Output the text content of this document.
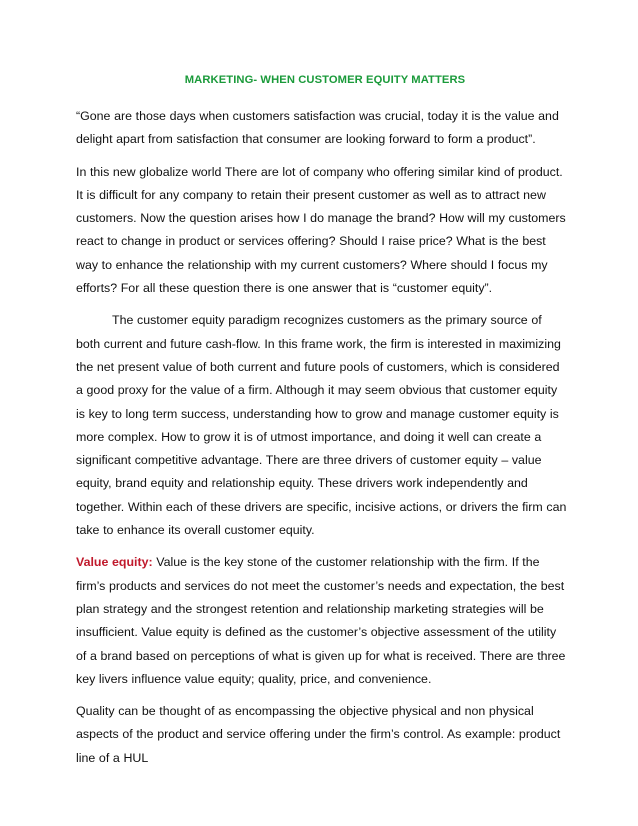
MARKETING- WHEN CUSTOMER EQUITY MATTERS

“Gone are those days when customers satisfaction was crucial, today it is the value and delight apart from satisfaction that consumer are looking forward to form a product”.

In this new globalize world There are lot of company who offering similar kind of product. It is difficult for any company to retain their present customer as well as to attract new customers. Now the question arises how I do manage the brand? How will my customers react to change in product or services offering? Should I raise price? What is the best way to enhance the relationship with my current customers? Where should I focus my efforts? For all these question there is one answer that is “customer equity”.

The customer equity paradigm recognizes customers as the primary source of both current and future cash-flow. In this frame work, the firm is interested in maximizing the net present value of both current and future pools of customers, which is considered a good proxy for the value of a firm. Although it may seem obvious that customer equity is key to long term success, understanding how to grow and manage customer equity is more complex. How to grow it is of utmost importance, and doing it well can create a significant competitive advantage. There are three drivers of customer equity – value equity, brand equity and relationship equity. These drivers work independently and together. Within each of these drivers are specific, incisive actions, or drivers the firm can take to enhance its overall customer equity.

Value equity: Value is the key stone of the customer relationship with the firm. If the firm’s products and services do not meet the customer’s needs and expectation, the best plan strategy and the strongest retention and relationship marketing strategies will be insufficient. Value equity is defined as the customer’s objective assessment of the utility of a brand based on perceptions of what is given up for what is received. There are three key livers influence value equity; quality, price, and convenience.

Quality can be thought of as encompassing the objective physical and non physical aspects of the product and service offering under the firm’s control. As example: product line of a HUL
